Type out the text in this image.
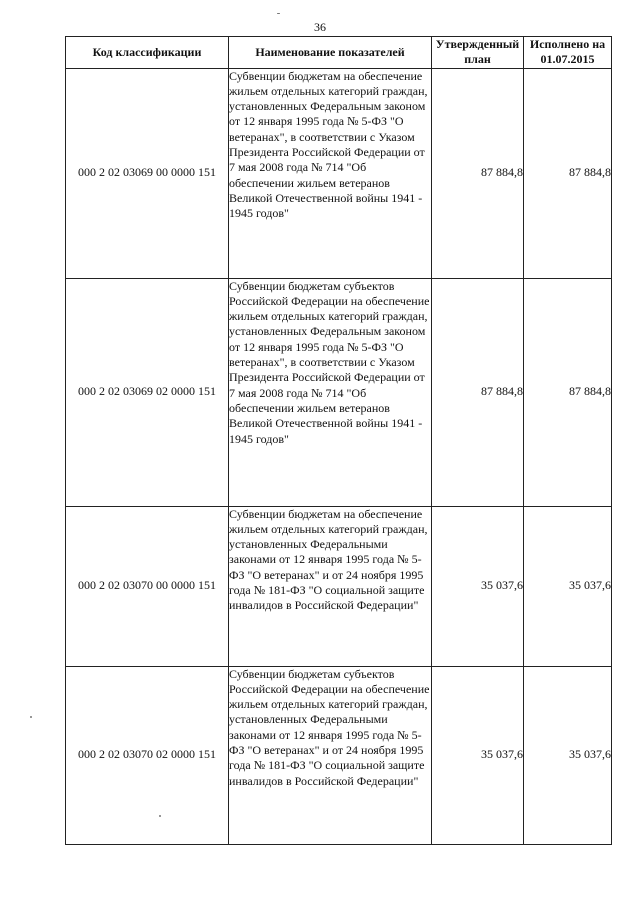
36
Код классификации	Наименование показателей	Утвержденный план	Исполнено на 01.07.2015
000 2 02 03069 00 0000 151	Субвенции бюджетам на обеспечение жильем отдельных категорий граждан, установленных Федеральным законом от 12 января 1995 года № 5-ФЗ "О ветеранах", в соответствии с Указом Президента Российской Федерации от 7 мая 2008 года № 714 "Об обеспечении жильем ветеранов Великой Отечественной войны 1941 - 1945 годов"	87 884,8	87 884,8
000 2 02 03069 02 0000 151	Субвенции бюджетам субъектов Российской Федерации на обеспечение жильем отдельных категорий граждан, установленных Федеральным законом от 12 января 1995 года № 5-ФЗ "О ветеранах", в соответствии с Указом Президента Российской Федерации от 7 мая 2008 года № 714 "Об обеспечении жильем ветеранов Великой Отечественной войны 1941 - 1945 годов"	87 884,8	87 884,8
000 2 02 03070 00 0000 151	Субвенции бюджетам на обеспечение жильем отдельных категорий граждан, установленных Федеральными законами от 12 января 1995 года № 5-ФЗ "О ветеранах" и от 24 ноября 1995 года № 181-ФЗ "О социальной защите инвалидов в Российской Федерации"	35 037,6	35 037,6
000 2 02 03070 02 0000 151	Субвенции бюджетам субъектов Российской Федерации на обеспечение жильем отдельных категорий граждан, установленных Федеральными законами от 12 января 1995 года № 5-ФЗ "О ветеранах" и от 24 ноября 1995 года № 181-ФЗ "О социальной защите инвалидов в Российской Федерации"	35 037,6	35 037,6
